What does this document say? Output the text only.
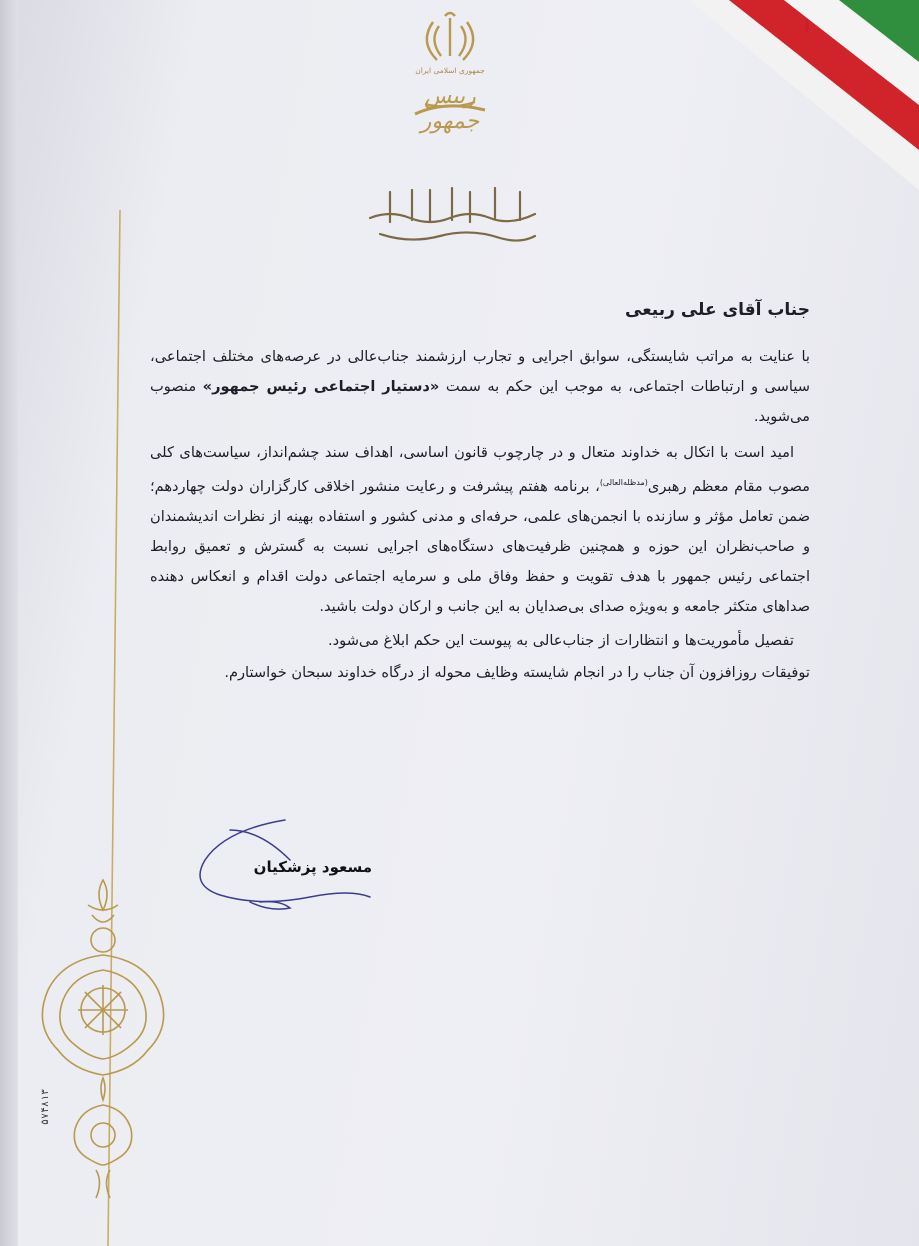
جمهوری اسلامی ایران
رییس جمهور
جناب آقای علی ربیعی

با عنایت به مراتب شایستگی، سوابق اجرایی و تجارب ارزشمند جناب‌عالی در عرصه‌های مختلف اجتماعی، سیاسی و ارتباطات اجتماعی، به موجب این حکم به سمت «دستیار اجتماعی رئیس جمهور» منصوب می‌شوید.

امید است با اتکال به خداوند متعال و در چارچوب قانون اساسی، اهداف سند چشم‌انداز، سیاست‌های کلی مصوب مقام معظم رهبری$^{(مدظله‌العالی)}$، برنامه هفتم پیشرفت و رعایت منشور اخلاقی کارگزاران دولت چهاردهم؛ ضمن تعامل مؤثر و سازنده با انجمن‌های علمی، حرفه‌ای و مدنی کشور و استفاده بهینه از نظرات اندیشمندان و صاحب‌نظران این حوزه و همچنین ظرفیت‌های دستگاه‌های اجرایی نسبت به گسترش و تعمیق روابط اجتماعی رئیس جمهور با هدف تقویت و حفظ وفاق ملی و سرمایه اجتماعی دولت اقدام و انعکاس دهنده صداهای متکثر جامعه و به‌ویژه صدای بی‌صدایان به این جانب و ارکان دولت باشید.

تفصیل مأموریت‌ها و انتظارات از جناب‌عالی به پیوست این حکم ابلاغ می‌شود.

توفیقات روزافزون آن جناب را در انجام شایسته وظایف محوله از درگاه خداوند سبحان خواستارم.

مسعود پزشکیان
۵۷۴۸۱۳
